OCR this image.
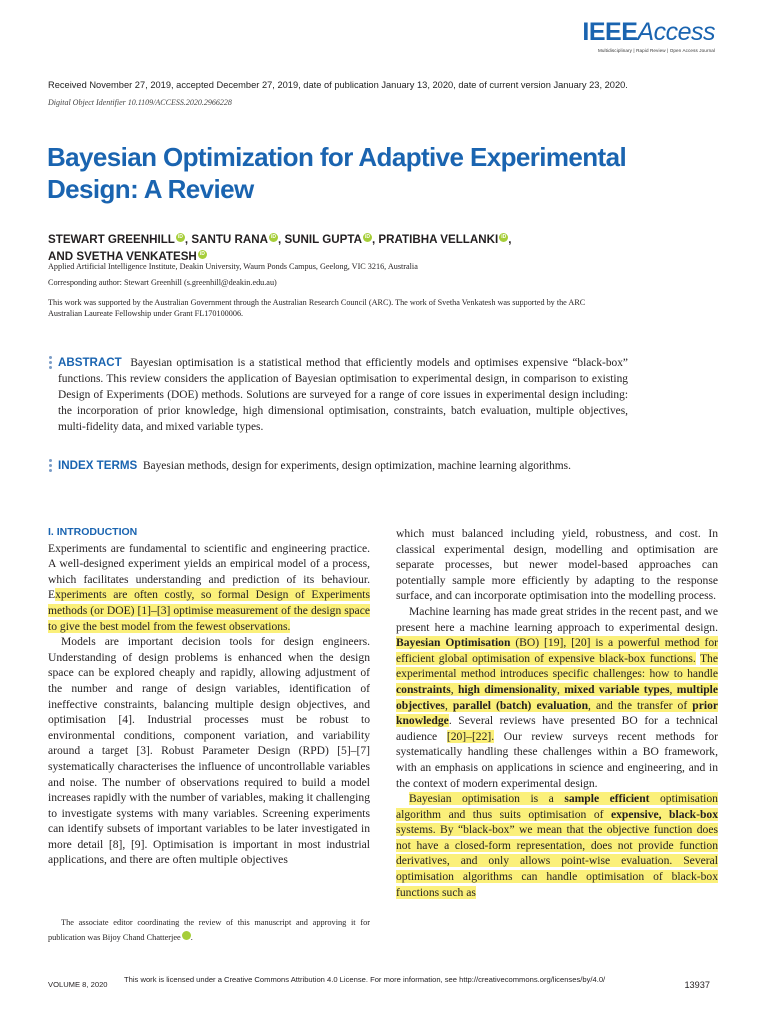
IEEEAccess
Multidisciplinary | Rapid Review | Open Access Journal
Received November 27, 2019, accepted December 27, 2019, date of publication January 13, 2020, date of current version January 23, 2020.
Digital Object Identifier 10.1109/ACCESS.2020.2966228
Bayesian Optimization for Adaptive Experimental
Design: A Review
STEWART GREENHILL iD , SANTU RANA iD , SUNIL GUPTA iD , PRATIBHA VELLANKI iD ,
AND SVETHA VENKATESH iD
Applied Artificial Intelligence Institute, Deakin University, Waurn Ponds Campus, Geelong, VIC 3216, Australia
Corresponding author: Stewart Greenhill (s.greenhill@deakin.edu.au)
This work was supported by the Australian Government through the Australian Research Council (ARC). The work of Svetha Venkatesh was supported by the ARC Australian Laureate Fellowship under Grant FL170100006.
ABSTRACT Bayesian optimisation is a statistical method that efficiently models and optimises expensive “black-box” functions. This review considers the application of Bayesian optimisation to experimental design, in comparison to existing Design of Experiments (DOE) methods. Solutions are surveyed for a range of core issues in experimental design including: the incorporation of prior knowledge, high dimensional optimisation, constraints, batch evaluation, multiple objectives, multi-fidelity data, and mixed variable types.
INDEX TERMS Bayesian methods, design for experiments, design optimization, machine learning algorithms.
I. INTRODUCTION

Experiments are fundamental to scientific and engineering practice. A well-designed experiment yields an empirical model of a process, which facilitates understanding and prediction of its behaviour. Experiments are often costly, so formal Design of Experiments methods (or DOE) [1]–[3] optimise measurement of the design space to give the best model from the fewest observations.

Models are important decision tools for design engineers. Understanding of design problems is enhanced when the design space can be explored cheaply and rapidly, allowing adjustment of the number and range of design variables, identification of ineffective constraints, balancing multiple design objectives, and optimisation [4]. Industrial processes must be robust to environmental conditions, component variation, and variability around a target [3]. Robust Parameter Design (RPD) [5]–[7] systematically characterises the influence of uncontrollable variables and noise. The number of observations required to build a model increases rapidly with the number of variables, making it challenging to investigate systems with many variables. Screening experiments can identify subsets of important variables to be later investigated in more detail [8], [9]. Optimisation is important in most industrial applications, and there are often multiple objectives

which must balanced including yield, robustness, and cost. In classical experimental design, modelling and optimisation are separate processes, but newer model-based approaches can potentially sample more efficiently by adapting to the response surface, and can incorporate optimisation into the modelling process.

Machine learning has made great strides in the recent past, and we present here a machine learning approach to experimental design. Bayesian Optimisation (BO) [19], [20] is a powerful method for efficient global optimisation of expensive black-box functions. The experimental method introduces specific challenges: how to handle constraints, high dimensionality, mixed variable types, multiple objectives, parallel (batch) evaluation, and the transfer of prior knowledge. Several reviews have presented BO for a technical audience [20]–[22]. Our review surveys recent methods for systematically handling these challenges within a BO framework, with an emphasis on applications in science and engineering, and in the context of modern experimental design.

Bayesian optimisation is a sample efficient optimisation algorithm and thus suits optimisation of expensive, black-box systems. By “black-box” we mean that the objective function does not have a closed-form representation, does not provide function derivatives, and only allows point-wise evaluation. Several optimisation algorithms can handle optimisation of black-box functions such as

The associate editor coordinating the review of this manuscript and approving it for publication was Bijoy Chand Chatterjee	iD.

VOLUME 8, 2020
This work is licensed under a Creative Commons Attribution 4.0 License. For more information, see http://creativecommons.org/licenses/by/4.0/
13937
